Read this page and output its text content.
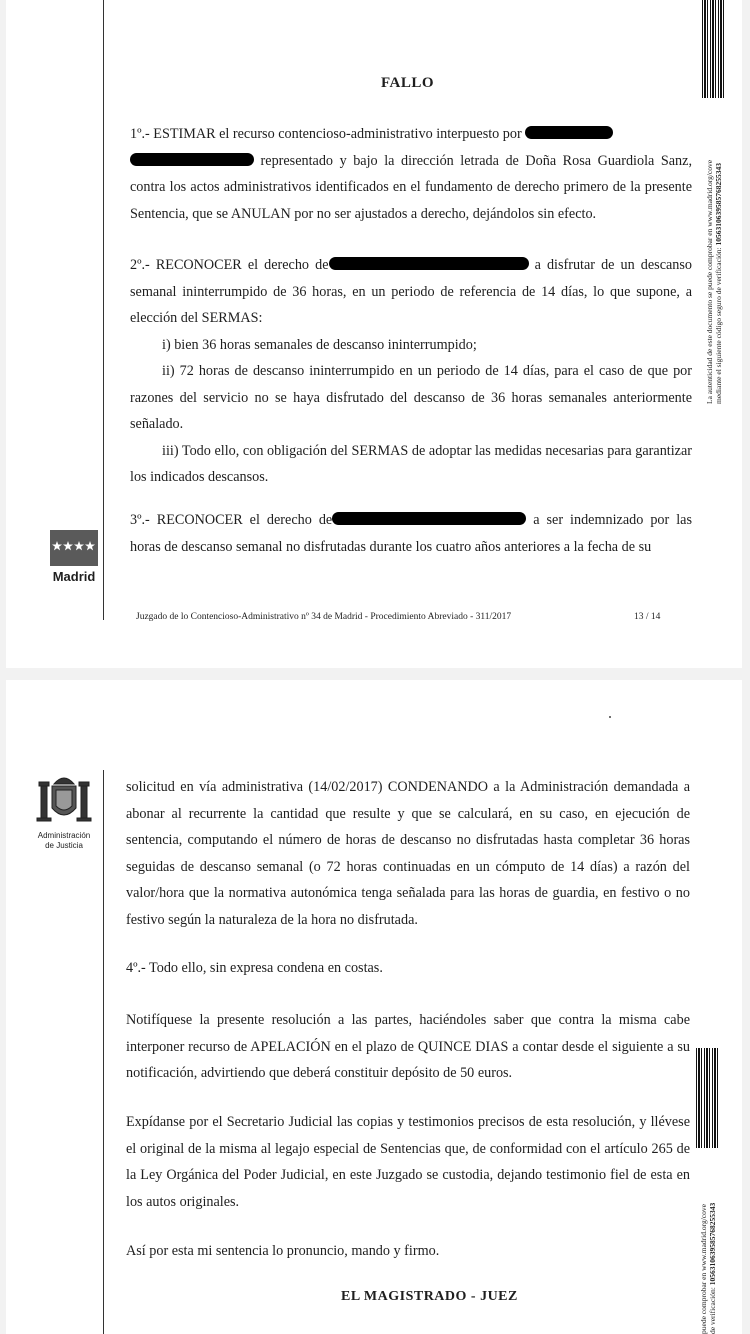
FALLO
1º.- ESTIMAR el recurso contencioso-administrativo interpuesto por
representado y bajo la dirección letrada de Doña Rosa Guardiola Sanz, contra los actos administrativos identificados en el fundamento de derecho primero de la presente Sentencia, que se ANULAN por no ser ajustados a derecho, dejándolos sin efecto.
2º.- RECONOCER el derecho de	a disfrutar de un descanso semanal ininterrumpido de 36 horas, en un periodo de referencia de 14 días, lo que supone, a elección del SERMAS:
i) bien 36 horas semanales de descanso ininterrumpido;
ii) 72 horas de descanso ininterrumpido en un periodo de 14 días, para el caso de que por razones del servicio no se haya disfrutado del descanso de 36 horas semanales anteriormente señalado.
iii) Todo ello, con obligación del SERMAS de adoptar las medidas necesarias para garantizar los indicados descansos.
3º.- RECONOCER el derecho de	a ser indemnizado por las horas de descanso semanal no disfrutadas durante los cuatro años anteriores a la fecha de su
Madrid
Juzgado de lo Contencioso-Administrativo nº 34 de Madrid - Procedimiento Abreviado - 311/2017	13 / 14
La autenticidad de este documento se puede comprobar en www.madrid.org/cove
mediante el siguiente código seguro de verificación: 1056310639585768255343
Administración
de Justicia
solicitud en vía administrativa (14/02/2017) CONDENANDO a la Administración demandada a abonar al recurrente la cantidad que resulte y que se calculará, en su caso, en ejecución de sentencia, computando el número de horas de descanso no disfrutadas hasta completar 36 horas seguidas de descanso semanal (o 72 horas continuadas en un cómputo de 14 días) a razón del valor/hora que la normativa autonómica tenga señalada para las horas de guardia, en festivo o no festivo según la naturaleza de la hora no disfrutada.
4º.- Todo ello, sin expresa condena en costas.
Notifíquese la presente resolución a las partes, haciéndoles saber que contra la misma cabe interponer recurso de APELACIÓN en el plazo de QUINCE DIAS a contar desde el siguiente a su notificación, advirtiendo que deberá constituir depósito de 50 euros.
Expídanse por el Secretario Judicial las copias y testimonios precisos de esta resolución, y llévese el original de la misma al legajo especial de Sentencias que, de conformidad con el artículo 265 de la Ley Orgánica del Poder Judicial, en este Juzgado se custodia, dejando testimonio fiel de esta en los autos originales.
Así por esta mi sentencia lo pronuncio, mando y firmo.
EL MAGISTRADO - JUEZ	puede comprobar en www.madrid.org/cove
de verificación: 1056310639585768255343
